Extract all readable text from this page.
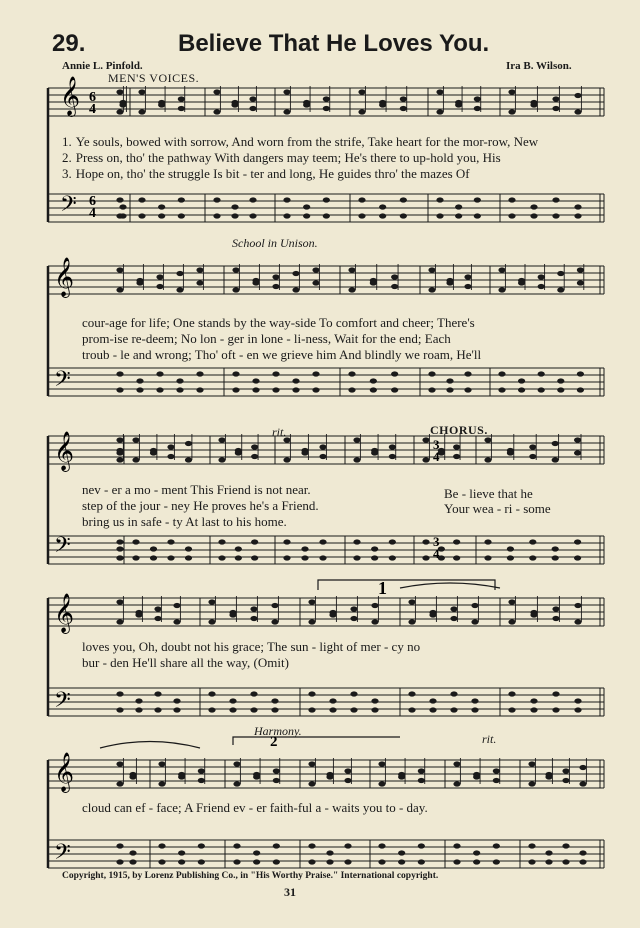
29.	Believe That He Loves You.
Annie L. Pinfold.	Ira B. Wilson.
MEN'S VOICES.
𝄞
𝄢
6
4
6
4
𝄞
𝄢
𝄞
𝄢
𝄞
𝄢
𝄞
𝄢
3
4
3
4
1
2
School in Unison.
rit.	CHORUS.
Harmony.
rit.
1. Ye souls, bowed with sorrow, And worn from the strife, Take heart for the mor-row, New
2. Press on, tho' the pathway With dangers may teem; He's there to up-hold you, His
3. Hope on, tho' the struggle Is bit - ter and long, He guides thro' the mazes Of
cour-age for life; One stands by the way-side To comfort and cheer; There's
prom-ise re-deem; No lon - ger in lone - li-ness, Wait for the end; Each
troub - le and wrong; Tho' oft - en we grieve him And blindly we roam, He'll
nev - er a mo - ment This Friend is not near.
step of the jour - ney He proves he's a Friend.
bring us in safe - ty At last to his home.
Be - lieve that he
Your wea - ri - some
loves you, Oh, doubt not his grace; The sun - light of mer - cy no
bur - den He'll share all the way, (Omit)
cloud can ef - face; A Friend ev - er faith-ful a - waits you to - day.
Copyright, 1915, by Lorenz Publishing Co., in "His Worthy Praise." International copyright.
31
